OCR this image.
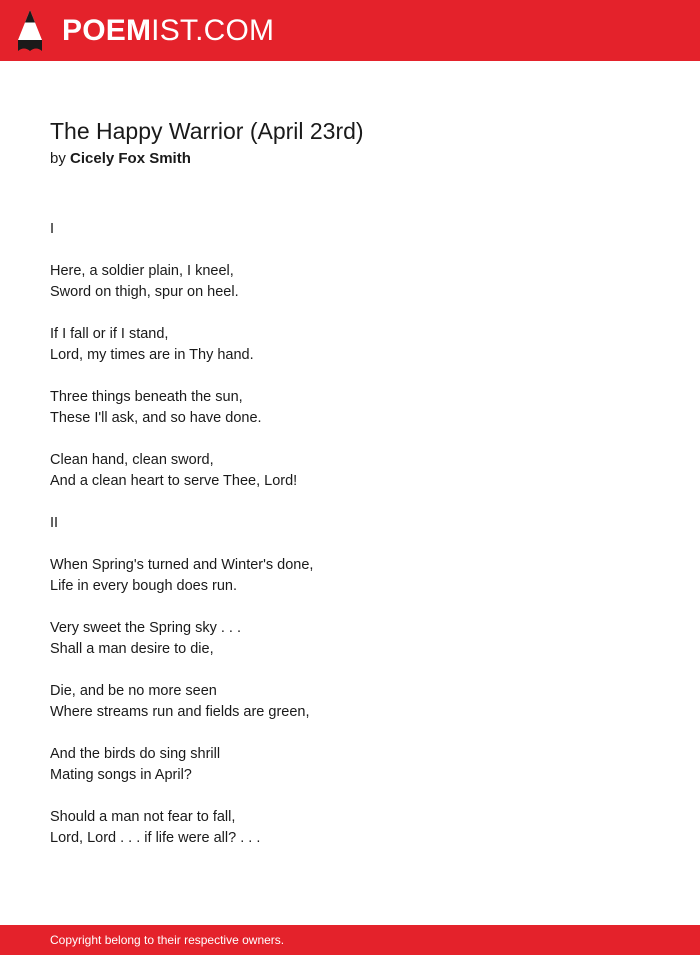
POEMIST.COM
The Happy Warrior (April 23rd)
by Cicely Fox Smith
I
Here, a soldier plain, I kneel,
Sword on thigh, spur on heel.
If I fall or if I stand,
Lord, my times are in Thy hand.
Three things beneath the sun,
These I'll ask, and so have done.
Clean hand, clean sword,
And a clean heart to serve Thee, Lord!
II
When Spring's turned and Winter's done,
Life in every bough does run.
Very sweet the Spring sky . . .
Shall a man desire to die,
Die, and be no more seen
Where streams run and fields are green,
And the birds do sing shrill
Mating songs in April?
Should a man not fear to fall,
Lord, Lord . . . if life were all? . . .
Copyright belong to their respective owners.
